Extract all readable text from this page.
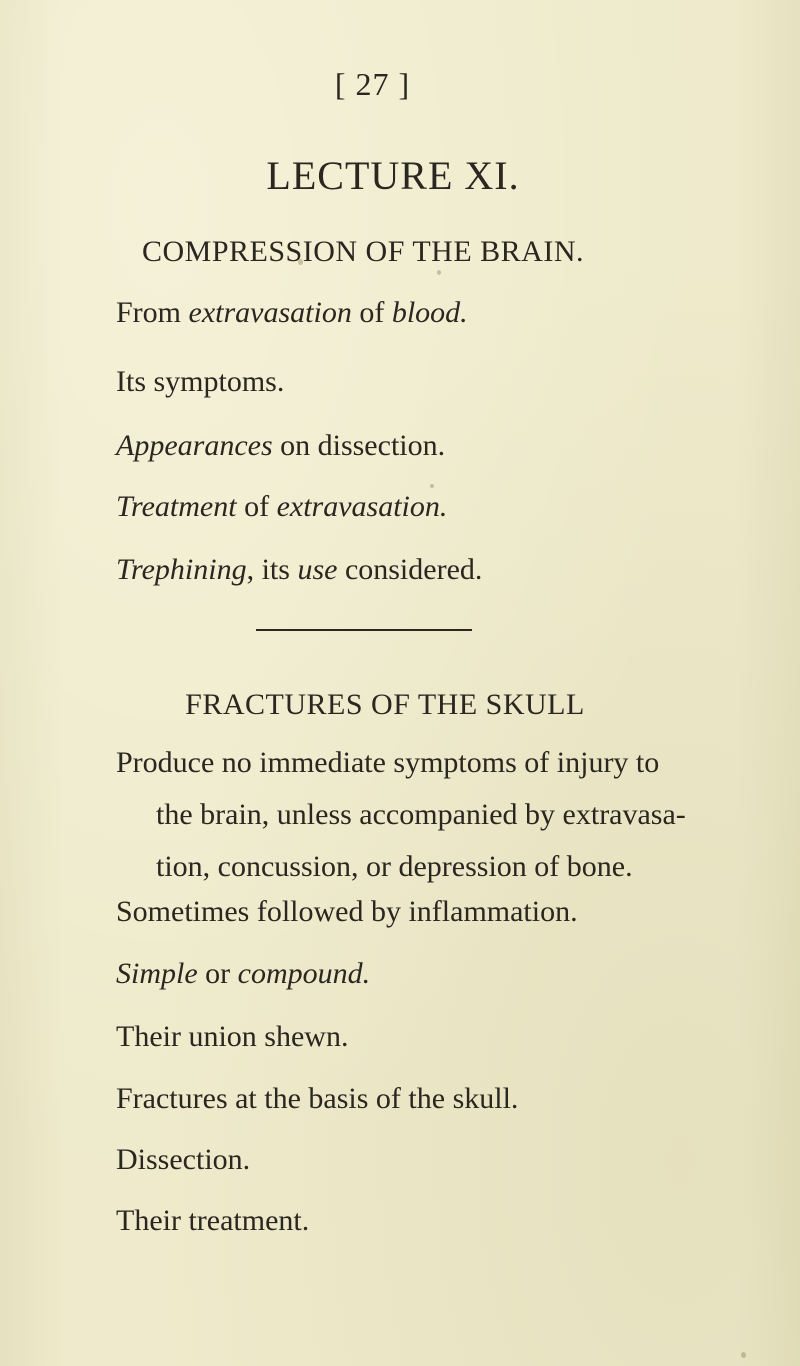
[ 27 ]
LECTURE XI.
COMPRESSION OF THE BRAIN.
From extravasation of blood.
Its symptoms.
Appearances on dissection.
Treatment of extravasation.
Trephining, its use considered.
FRACTURES OF THE SKULL
Produce no immediate symptoms of injury to
the brain, unless accompanied by extravasa-
tion, concussion, or depression of bone.
Sometimes followed by inflammation.
Simple or compound.
Their union shewn.
Fractures at the basis of the skull.
Dissection.
Their treatment.
